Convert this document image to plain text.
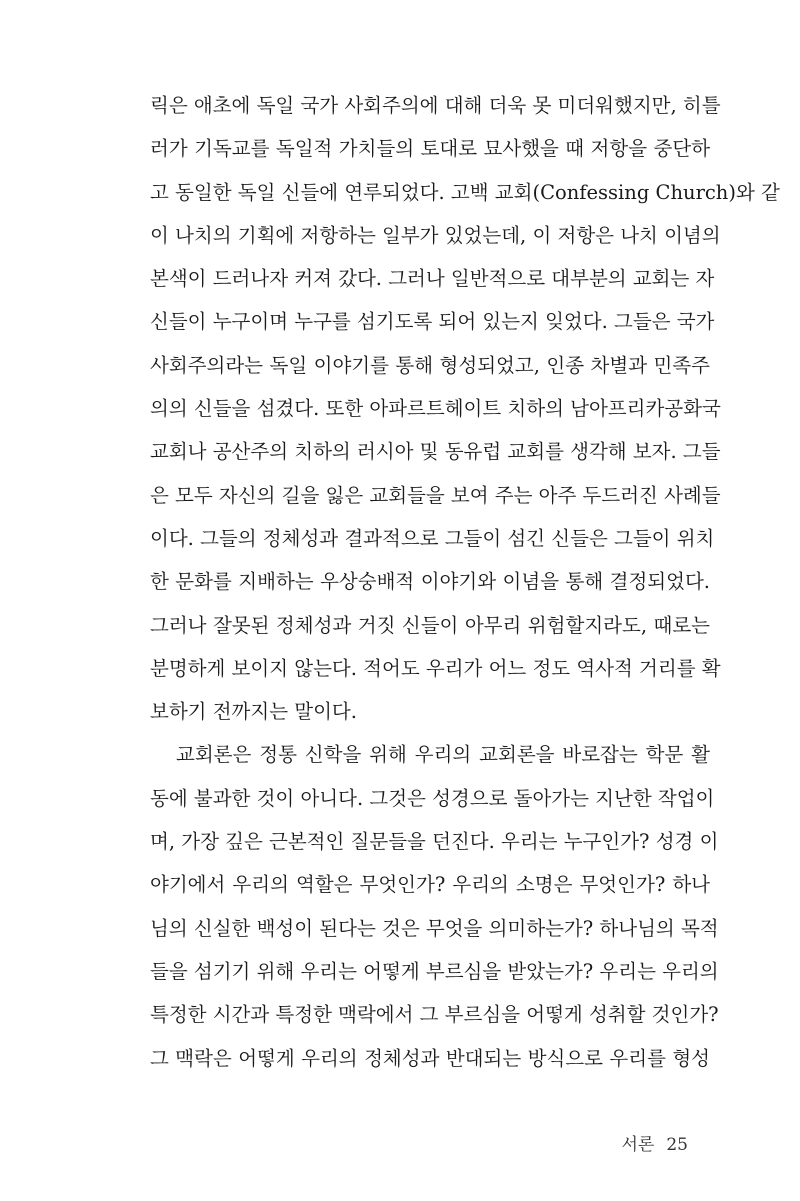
릭은 애초에 독일 국가 사회주의에 대해 더욱 못 미더워했지만, 히틀
러가 기독교를 독일적 가치들의 토대로 묘사했을 때 저항을 중단하
고 동일한 독일 신들에 연루되었다. 고백 교회(Confessing Church)와 같
이 나치의 기획에 저항하는 일부가 있었는데, 이 저항은 나치 이념의
본색이 드러나자 커져 갔다. 그러나 일반적으로 대부분의 교회는 자
신들이 누구이며 누구를 섬기도록 되어 있는지 잊었다. 그들은 국가
사회주의라는 독일 이야기를 통해 형성되었고, 인종 차별과 민족주
의의 신들을 섬겼다. 또한 아파르트헤이트 치하의 남아프리카공화국
교회나 공산주의 치하의 러시아 및 동유럽 교회를 생각해 보자. 그들
은 모두 자신의 길을 잃은 교회들을 보여 주는 아주 두드러진 사례들
이다. 그들의 정체성과 결과적으로 그들이 섬긴 신들은 그들이 위치
한 문화를 지배하는 우상숭배적 이야기와 이념을 통해 결정되었다.
그러나 잘못된 정체성과 거짓 신들이 아무리 위험할지라도, 때로는
분명하게 보이지 않는다. 적어도 우리가 어느 정도 역사적 거리를 확
보하기 전까지는 말이다.
교회론은 정통 신학을 위해 우리의 교회론을 바로잡는 학문 활
동에 불과한 것이 아니다. 그것은 성경으로 돌아가는 지난한 작업이
며, 가장 깊은 근본적인 질문들을 던진다. 우리는 누구인가? 성경 이
야기에서 우리의 역할은 무엇인가? 우리의 소명은 무엇인가? 하나
님의 신실한 백성이 된다는 것은 무엇을 의미하는가? 하나님의 목적
들을 섬기기 위해 우리는 어떻게 부르심을 받았는가? 우리는 우리의
특정한 시간과 특정한 맥락에서 그 부르심을 어떻게 성취할 것인가?
그 맥락은 어떻게 우리의 정체성과 반대되는 방식으로 우리를 형성
서론 25
